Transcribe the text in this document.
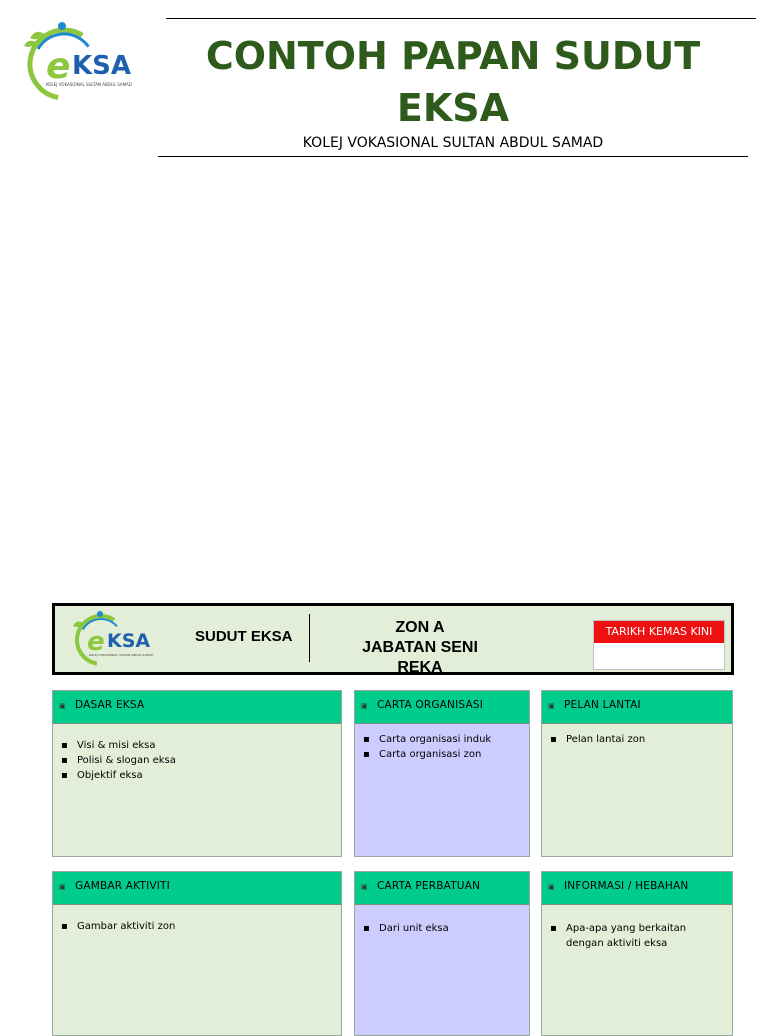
e KSA
KOLEJ VOKASIONAL SULTAN ABDUL SAMAD
CONTOH PAPAN SUDUT
EKSA
KOLEJ VOKASIONAL SULTAN ABDUL SAMAD
e KSA
KOLEJ VOKASIONAL SULTAN ABDUL SAMAD
SUDUT EKSA
ZON A
JABATAN SENI REKA
TARIKH KEMAS KINI
▣ DASAR EKSA
▪ Visi & misi eksa
▪ Polisi & slogan eksa
▪ Objektif eksa
▣ CARTA ORGANISASI
▪ Carta organisasi induk
▪ Carta organisasi zon
▣ PELAN LANTAI
▪ Pelan lantai zon
▣ GAMBAR AKTIVITI
▪ Gambar aktiviti zon
▣ CARTA PERBATUAN
▪ Dari unit eksa
▣ INFORMASI / HEBAHAN
▪ Apa-apa yang berkaitan dengan aktiviti eksa
